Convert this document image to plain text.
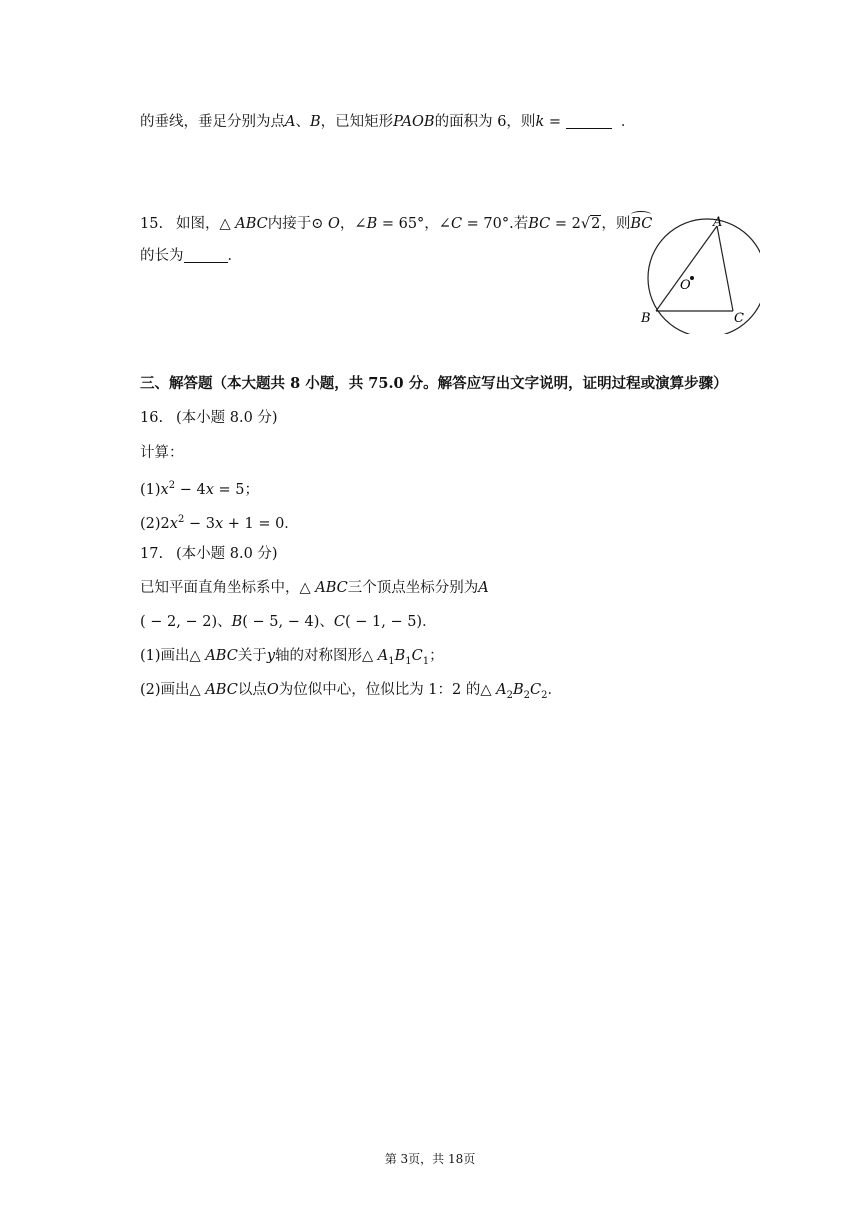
的垂线，垂足分别为点A、B，已知矩形PAOB的面积为 6，则k =	．
15. 如图，△ ABC内接于⊙ O，∠B = 65°，∠C = 70°.若BC = 2√2，则BC
的长为	．
A
B	C
O
三、解答题（本大题共 8 小题，共 75.0 分。解答应写出文字说明，证明过程或演算步骤）
16. (本小题 8.0 分)
计算：
$(1)x^2 - 4x = 5$；
$(2)2x^2 - 3x + 1 = 0$．
17. (本小题 8.0 分)
已知平面直角坐标系中，△ ABC三个顶点坐标分别为A
( − 2, − 2)、B( − 5, − 4)、C( − 1, − 5)．
(1)画出△ ABC关于y轴的对称图形△ $A_1B_1C_1$；
(2)画出△ ABC以点O为位似中心，位似比为 1：2 的△ $A_2B_2C_2$．
第 3页，共 18页
